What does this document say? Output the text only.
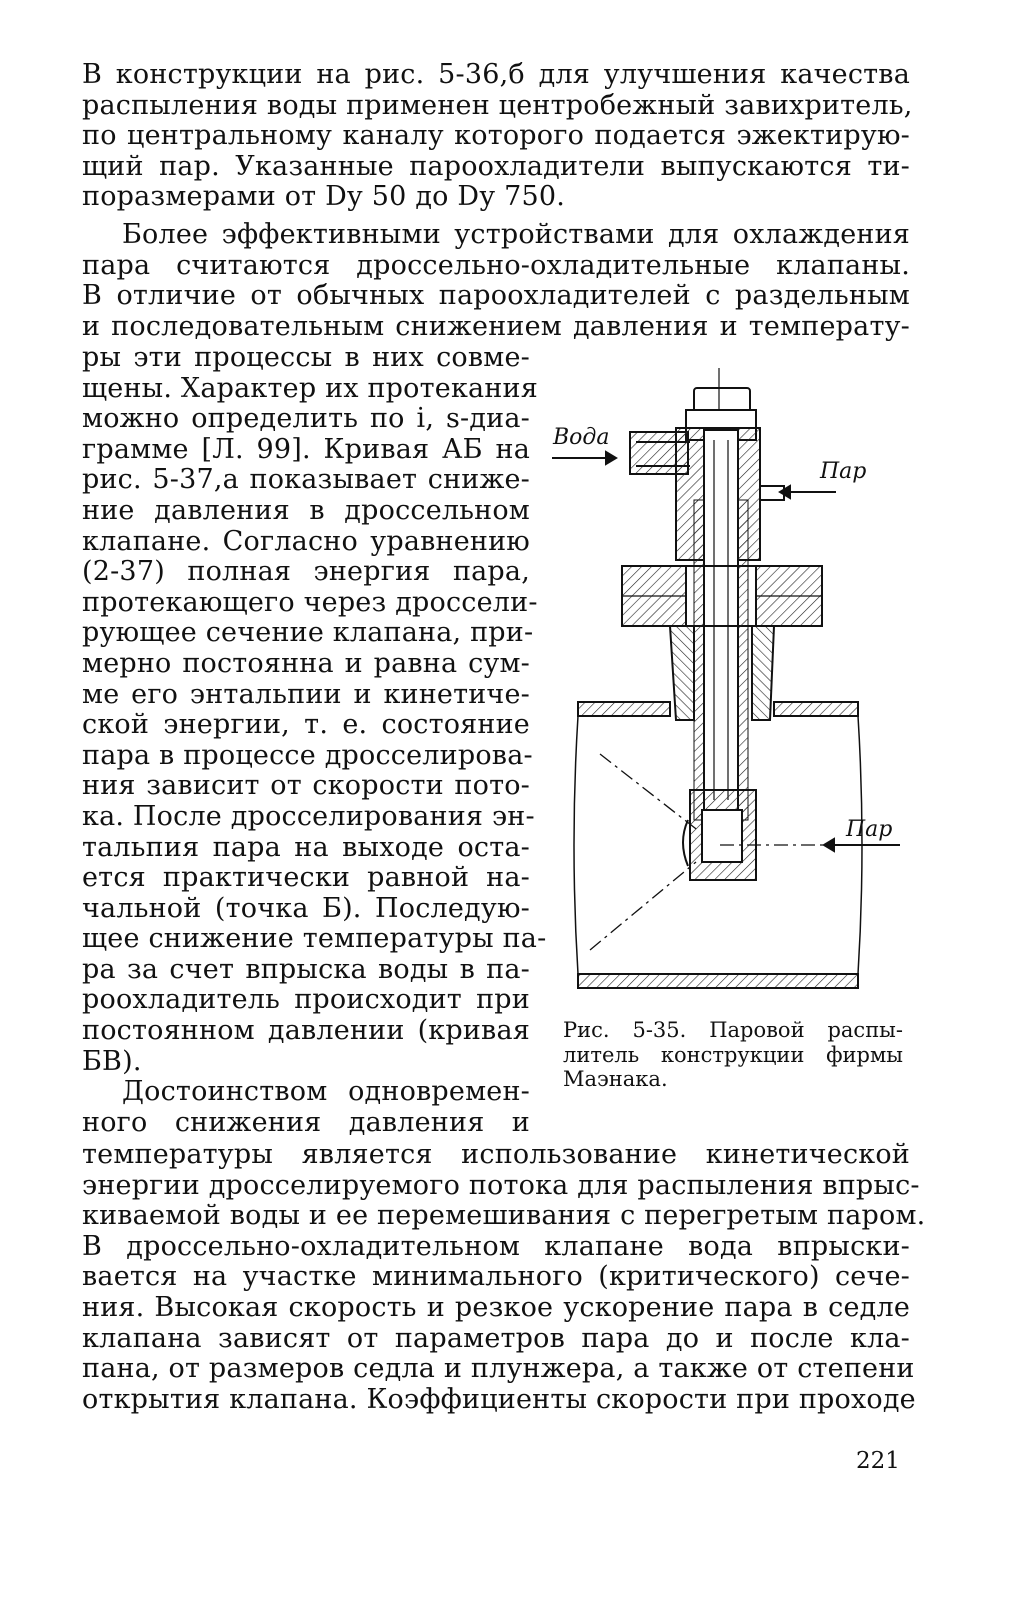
В конструкции на рис. 5-36,б для улучшения качества
распыления воды применен центробежный завихритель,
по центральному каналу которого подается эжектирую-
щий пар. Указанные пароохладители выпускаются ти-
поразмерами от Dу 50 до Dу 750.
Более эффективными устройствами для охлаждения
пара считаются дроссельно-охладительные клапаны.
В отличие от обычных пароохладителей с раздельным
и последовательным снижением давления и температу-
ры эти процессы в них совме-
щены. Характер их протекания
можно определить по i, s-диа-
грамме [Л. 99]. Кривая АБ на
рис. 5-37,а показывает сниже-
ние давления в дроссельном
клапане. Согласно уравнению
(2-37) полная энергия пара,
протекающего через дроссели-
рующее сечение клапана, при-
мерно постоянна и равна сум-
ме его энтальпии и кинетиче-
ской энергии, т. е. состояние
пара в процессе дросселирова-
ния зависит от скорости пото-
ка. После дросселирования эн-
тальпия пара на выходе оста-
ется практически равной на-
чальной (точка Б). Последую-
щее снижение температуры па-
ра за счет впрыска воды в па-
роохладитель происходит при
постоянном давлении (кривая
БВ).
Достоинством одновремен-
ного снижения давления и
температуры является использование кинетической
энергии дросселируемого потока для распыления впрыс-
киваемой воды и ее перемешивания с перегретым паром.
В дроссельно-охладительном клапане вода впрыски-
вается на участке минимального (критического) сече-
ния. Высокая скорость и резкое ускорение пара в седле
клапана зависят от параметров пара до и после кла-
пана, от размеров седла и плунжера, а также от степени
открытия клапана. Коэффициенты скорости при проходе
Вода
Пар
Пар
Рис. 5-35. Паровой распы-
литель конструкции фирмы
Маэнака.
221
